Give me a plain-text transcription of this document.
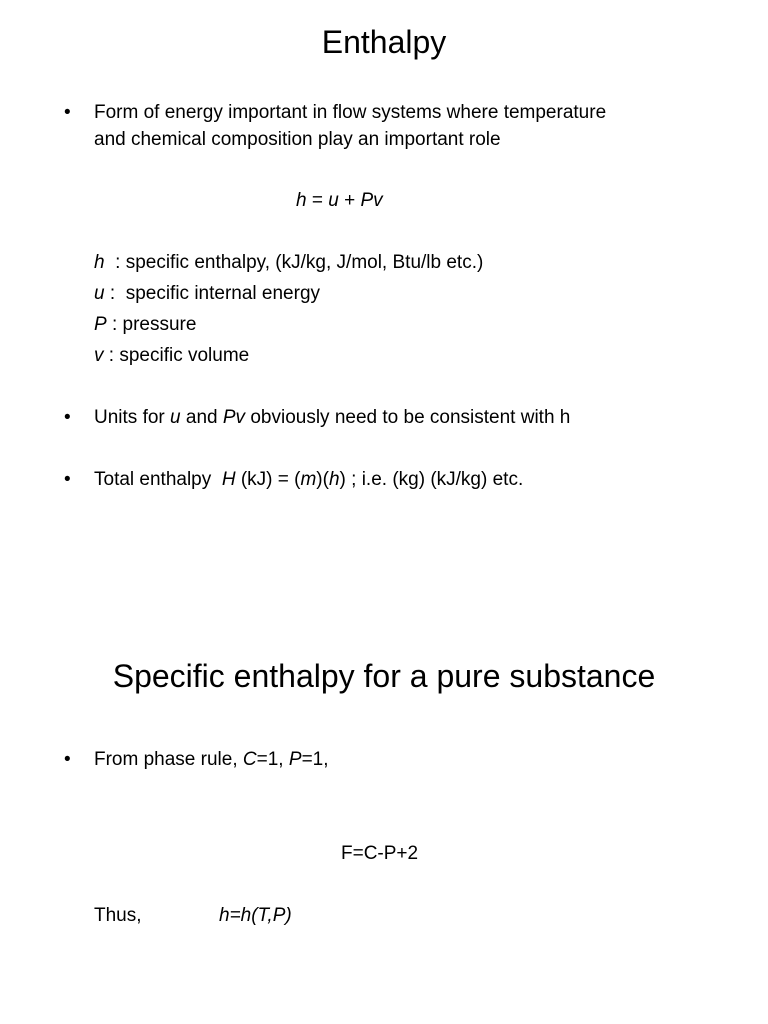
Enthalpy
• Form of energy important in flow systems where temperature
and chemical composition play an important role
h = u + Pv
h  : specific enthalpy, (kJ/kg, J/mol, Btu/lb etc.)
u :  specific internal energy
P : pressure
v : specific volume
• Units for u and Pv obviously need to be consistent with h
• Total enthalpy  H (kJ) = (m)(h) ; i.e. (kg) (kJ/kg) etc.
Specific enthalpy for a pure substance
• From phase rule, C=1, P=1,
F=C-P+2
Thus,	h=h(T,P)
